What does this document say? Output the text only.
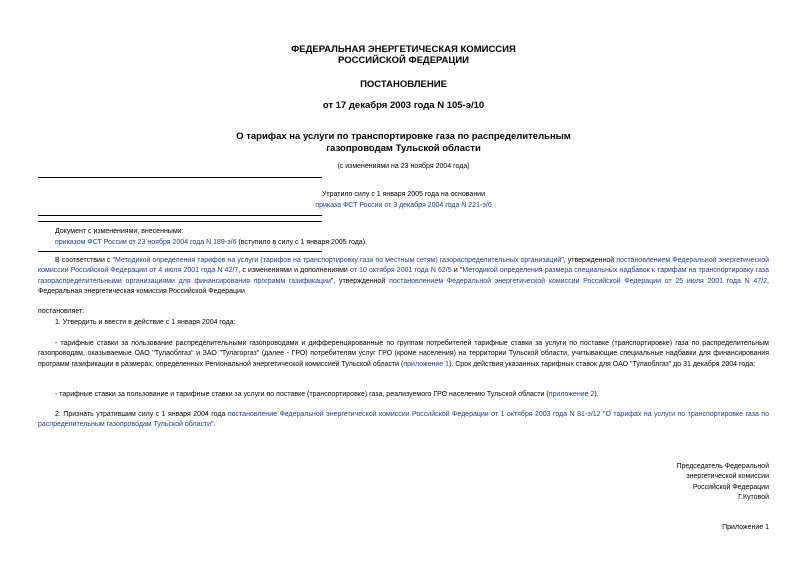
ФЕДЕРАЛЬНАЯ ЭНЕРГЕТИЧЕСКАЯ КОМИССИЯ
РОССИЙСКОЙ ФЕДЕРАЦИИ
ПОСТАНОВЛЕНИЕ
от 17 декабря 2003 года N 105-э/10
О тарифах на услуги по транспортировке газа по распределительным
газопроводам Тульской области
(с изменениями на 23 ноября 2004 года)
Утратило силу с 1 января 2005 года на основании
приказа ФСТ России от 3 декабря 2004 года N 221-э/6
Документ с изменениями, внесенными:
приказом ФСТ России от 23 ноября 2004 года N 189-э/6 (вступило в силу с 1 января 2005 года).
В соответствии с "Методикой определения тарифов на услуги (тарифов на транспортировку газа по местным сетям) газораспределительных организаций", утвержденной постановлением Федеральной энергетической комиссии Российской Федерации от 4 июля 2001 года N 42/7, с изменениями и дополнениями от 10 октября 2001 года N 62/5 и "Методикой определения размера специальных надбавок к тарифам на транспортировку газа газораспределительными организациями для финансирования программ газификации", утвержденной постановлением Федеральной энергетической комиссии Российской Федерации от 25 июля 2001 года N 47/2, Федеральная энергетическая комиссия Российской Федерации
постановляет:
1. Утвердить и ввести в действие с 1 января 2004 года:
- тарифные ставки за пользование распределительными газопроводами и дифференцированные по группам потребителей тарифные ставки за услуги по поставке (транспортировке) газа по распределительным газопроводам, оказываемые ОАО "Тулаоблгаз" и ЗАО "Тулагоргаз" (далее - ГРО) потребителям услуг ГРО (кроме населения) на территории Тульской области, учитывающие специальные надбавки для финансирования программ газификации в размерах, определенных Региональной энергетической комиссией Тульской области (приложение 1). Срок действия указанных тарифных ставок для ОАО "Тулаоблгаз" до 31 декабря 2004 года;
- тарифные ставки за пользование и тарифные ставки за услуги по поставке (транспортировке) газа, реализуемого ГРО населению Тульской области (приложение 2).
2. Признать утратившим силу с 1 января 2004 года постановление Федеральной энергетической комиссии Российской Федерации от 1 октября 2003 года N 81-э/12 "О тарифах на услуги по транспортировке газа по распределительным газопроводам Тульской области".
Председатель Федеральной
энергетической комиссии
Российской Федерации
Г.Кутовой
Приложение 1
